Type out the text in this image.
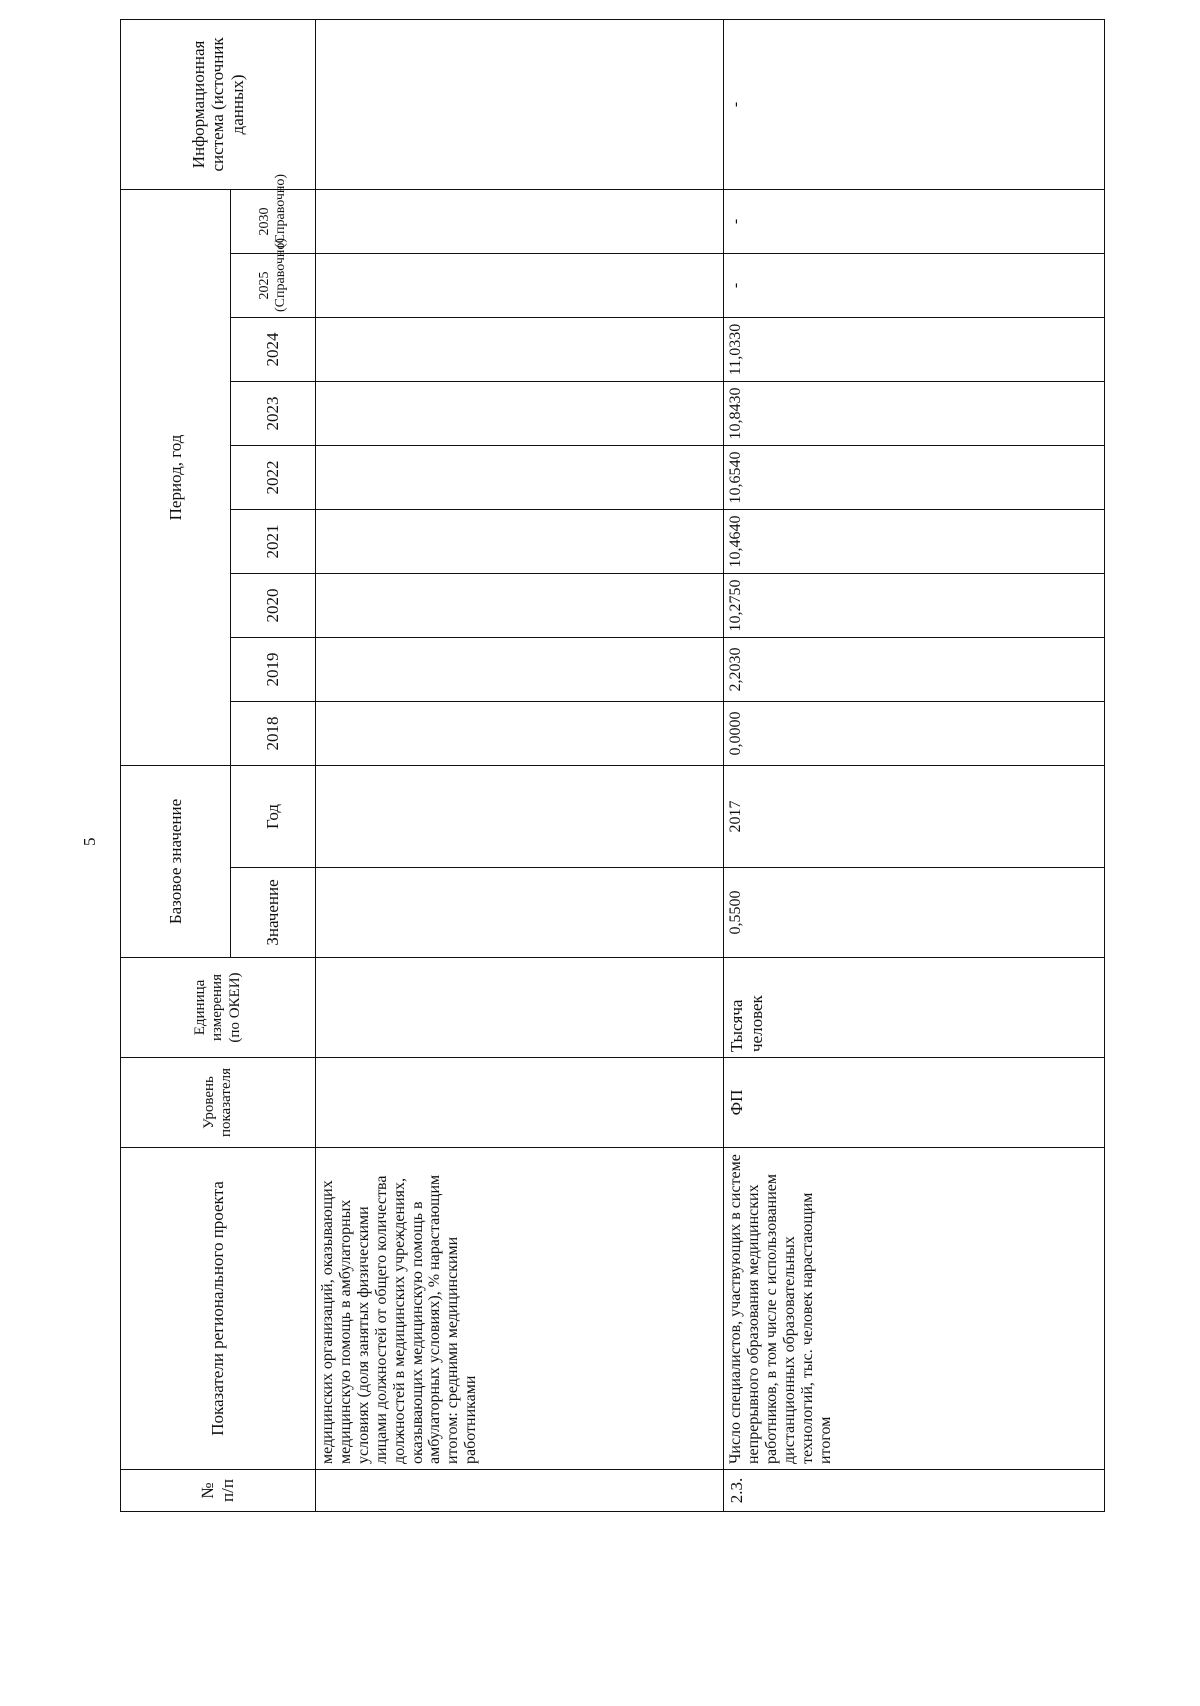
5
№ п/п	Показатели регионального проекта	Уровень показателя	Единица измерения (по ОКЕИ)	Базовое значение		Период, год									Информационная система (источник данных)
				Значение	Год	2018	2019	2020	2021	2022	2023	2024	2025 (Справочно)	2030 (Справочно)	
	медицинских организаций, оказывающих медицинскую помощь в амбулаторных условиях (доля занятых физическими лицами должностей от общего количества должностей в медицинских учреждениях, оказывающих медицинскую помощь в амбулаторных условиях), % нарастающим итогом: средними медицинскими работниками														
2.3.	Число специалистов, участвующих в системе непрерывного образования медицинских работников, в том числе с использованием дистанционных образовательных технологий, тыс. человек нарастающим итогом	ФП	Тысяча человек	0,5500	2017	0,0000	2,2030	10,2750	10,4640	10,6540	10,8430	11,0330	-	-	-
